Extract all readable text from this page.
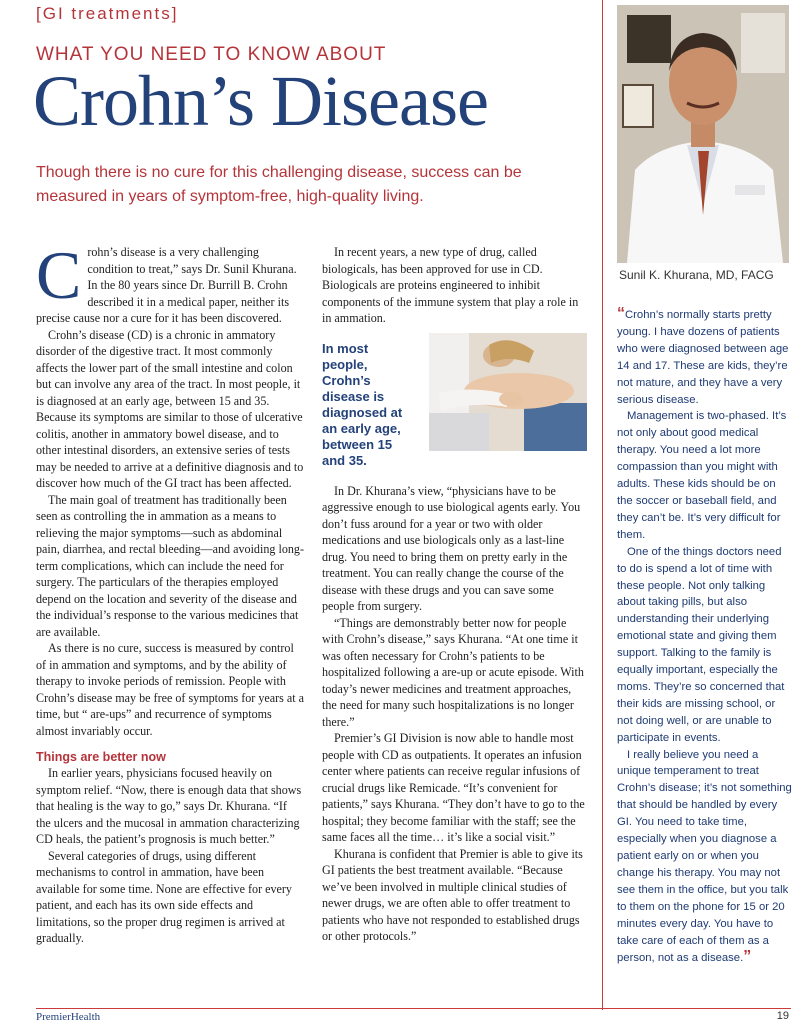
[GI treatments]
WHAT YOU NEED TO KNOW ABOUT
Crohn’s Disease
Though there is no cure for this challenging disease, success can be measured in years of symptom-free, high-quality living.

Crohn’s disease is a very challenging condition to treat,” says Dr. Sunil Khurana. In the 80 years since Dr. Burrill B. Crohn described it in a medical paper, neither its precise cause nor a cure for it has been discovered.

Crohn’s disease (CD) is a chronic in ammatory disorder of the digestive tract. It most commonly affects the lower part of the small intestine and colon but can involve any area of the tract. In most people, it is diagnosed at an early age, between 15 and 35. Because its symptoms are similar to those of ulcerative colitis, another in ammatory bowel disease, and to other intestinal disorders, an extensive series of tests may be needed to arrive at a definitive diagnosis and to discover how much of the GI tract has been affected.

The main goal of treatment has traditionally been seen as controlling the in ammation as a means to relieving the major symptoms—such as abdominal pain, diarrhea, and rectal bleeding—and avoiding long-term complications, which can include the need for surgery. The particulars of the therapies employed depend on the location and severity of the disease and the individual’s response to the various medicines that are available.

As there is no cure, success is measured by control of in ammation and symptoms, and by the ability of therapy to invoke periods of remission. People with Crohn’s disease may be free of symptoms for years at a time, but “ are-ups” and recurrence of symptoms almost invariably occur.

Things are better now

In earlier years, physicians focused heavily on symptom relief. “Now, there is enough data that shows that healing is the way to go,” says Dr. Khurana. “If the ulcers and the mucosal in ammation characterizing CD heals, the patient’s prognosis is much better.”

Several categories of drugs, using different mechanisms to control in ammation, have been available for some time. None are effective for every patient, and each has its own side effects and limitations, so the proper drug regimen is arrived at gradually.

In recent years, a new type of drug, called biologicals, has been approved for use in CD. Biologicals are proteins engineered to inhibit components of the immune system that play a role in in ammation.

In most people, Crohn’s disease is diagnosed at an early age, between 15 and 35.

In Dr. Khurana’s view, “physicians have to be aggressive enough to use biological agents early. You don’t fuss around for a year or two with older medications and use biologicals only as a last-line drug. You need to bring them on pretty early in the treatment. You can really change the course of the disease with these drugs and you can save some people from surgery.

“Things are demonstrably better now for people with Crohn’s disease,” says Khurana. “At one time it was often necessary for Crohn’s patients to be hospitalized following a are-up or acute episode. With today’s newer medicines and treatment approaches, the need for many such hospitalizations is no longer there.”

Premier’s GI Division is now able to handle most people with CD as outpatients. It operates an infusion center where patients can receive regular infusions of crucial drugs like Remicade. “It’s convenient for patients,” says Khurana. “They don’t have to go to the hospital; they become familiar with the staff; see the same faces all the time… it’s like a social visit.”

Khurana is confident that Premier is able to give its GI patients the best treatment available. “Because we’ve been involved in multiple clinical studies of newer drugs, we are often able to offer treatment to patients who have not responded to established drugs or other protocols.”

Sunil K. Khurana, MD, FACG

“Crohn’s normally starts pretty young. I have dozens of patients who were diagnosed between age 14 and 17. These are kids, they’re not mature, and they have a very serious disease.

Management is two-phased. It’s not only about good medical therapy. You need a lot more compassion than you might with adults. These kids should be on the soccer or baseball field, and they can’t be. It’s very difficult for them.

One of the things doctors need to do is spend a lot of time with these people. Not only talking about taking pills, but also understanding their underlying emotional state and giving them support. Talking to the family is equally important, especially the moms. They’re so concerned that their kids are missing school, or not doing well, or are unable to participate in events.

I really believe you need a unique temperament to treat Crohn’s disease; it’s not something that should be handled by every GI. You need to take time, especially when you diagnose a patient early on or when you change his therapy. You may not see them in the office, but you talk to them on the phone for 15 or 20 minutes every day. You have to take care of each of them as a person, not as a disease.”

PremierHealth	19
